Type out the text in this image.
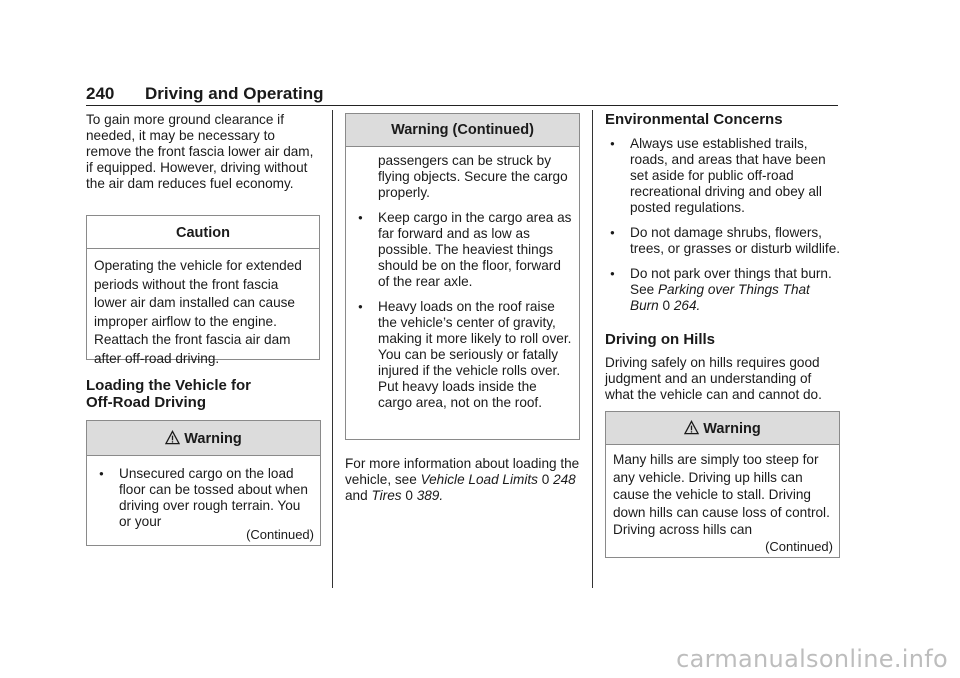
240 Driving and Operating

To gain more ground clearance if needed, it may be necessary to remove the front fascia lower air dam, if equipped. However, driving without the air dam reduces fuel economy.

Caution
Operating the vehicle for extended periods without the front fascia lower air dam installed can cause improper airflow to the engine. Reattach the front fascia air dam after off-road driving.
Loading the Vehicle for
Off-Road Driving
Warning
● Unsecured cargo on the load floor can be tossed about when driving over rough terrain. You or your
(Continued)
Warning (Continued)
passengers can be struck by flying objects. Secure the cargo properly.
● Keep cargo in the cargo area as far forward and as low as possible. The heaviest things should be on the floor, forward of the rear axle.
● Heavy loads on the roof raise the vehicle’s center of gravity, making it more likely to roll over. You can be seriously or fatally injured if the vehicle rolls over. Put heavy loads inside the cargo area, not on the roof.
For more information about loading the vehicle, see Vehicle Load Limits 0 248 and Tires 0 389.
Environmental Concerns
● Always use established trails, roads, and areas that have been set aside for public off-road recreational driving and obey all posted regulations.
● Do not damage shrubs, flowers, trees, or grasses or disturb wildlife.
● Do not park over things that burn. See Parking over Things That Burn 0 264.
Driving on Hills
Driving safely on hills requires good judgment and an understanding of what the vehicle can and cannot do.
Warning
Many hills are simply too steep for any vehicle. Driving up hills can cause the vehicle to stall. Driving down hills can cause loss of control. Driving across hills can
(Continued)
carmanualsonline.info
